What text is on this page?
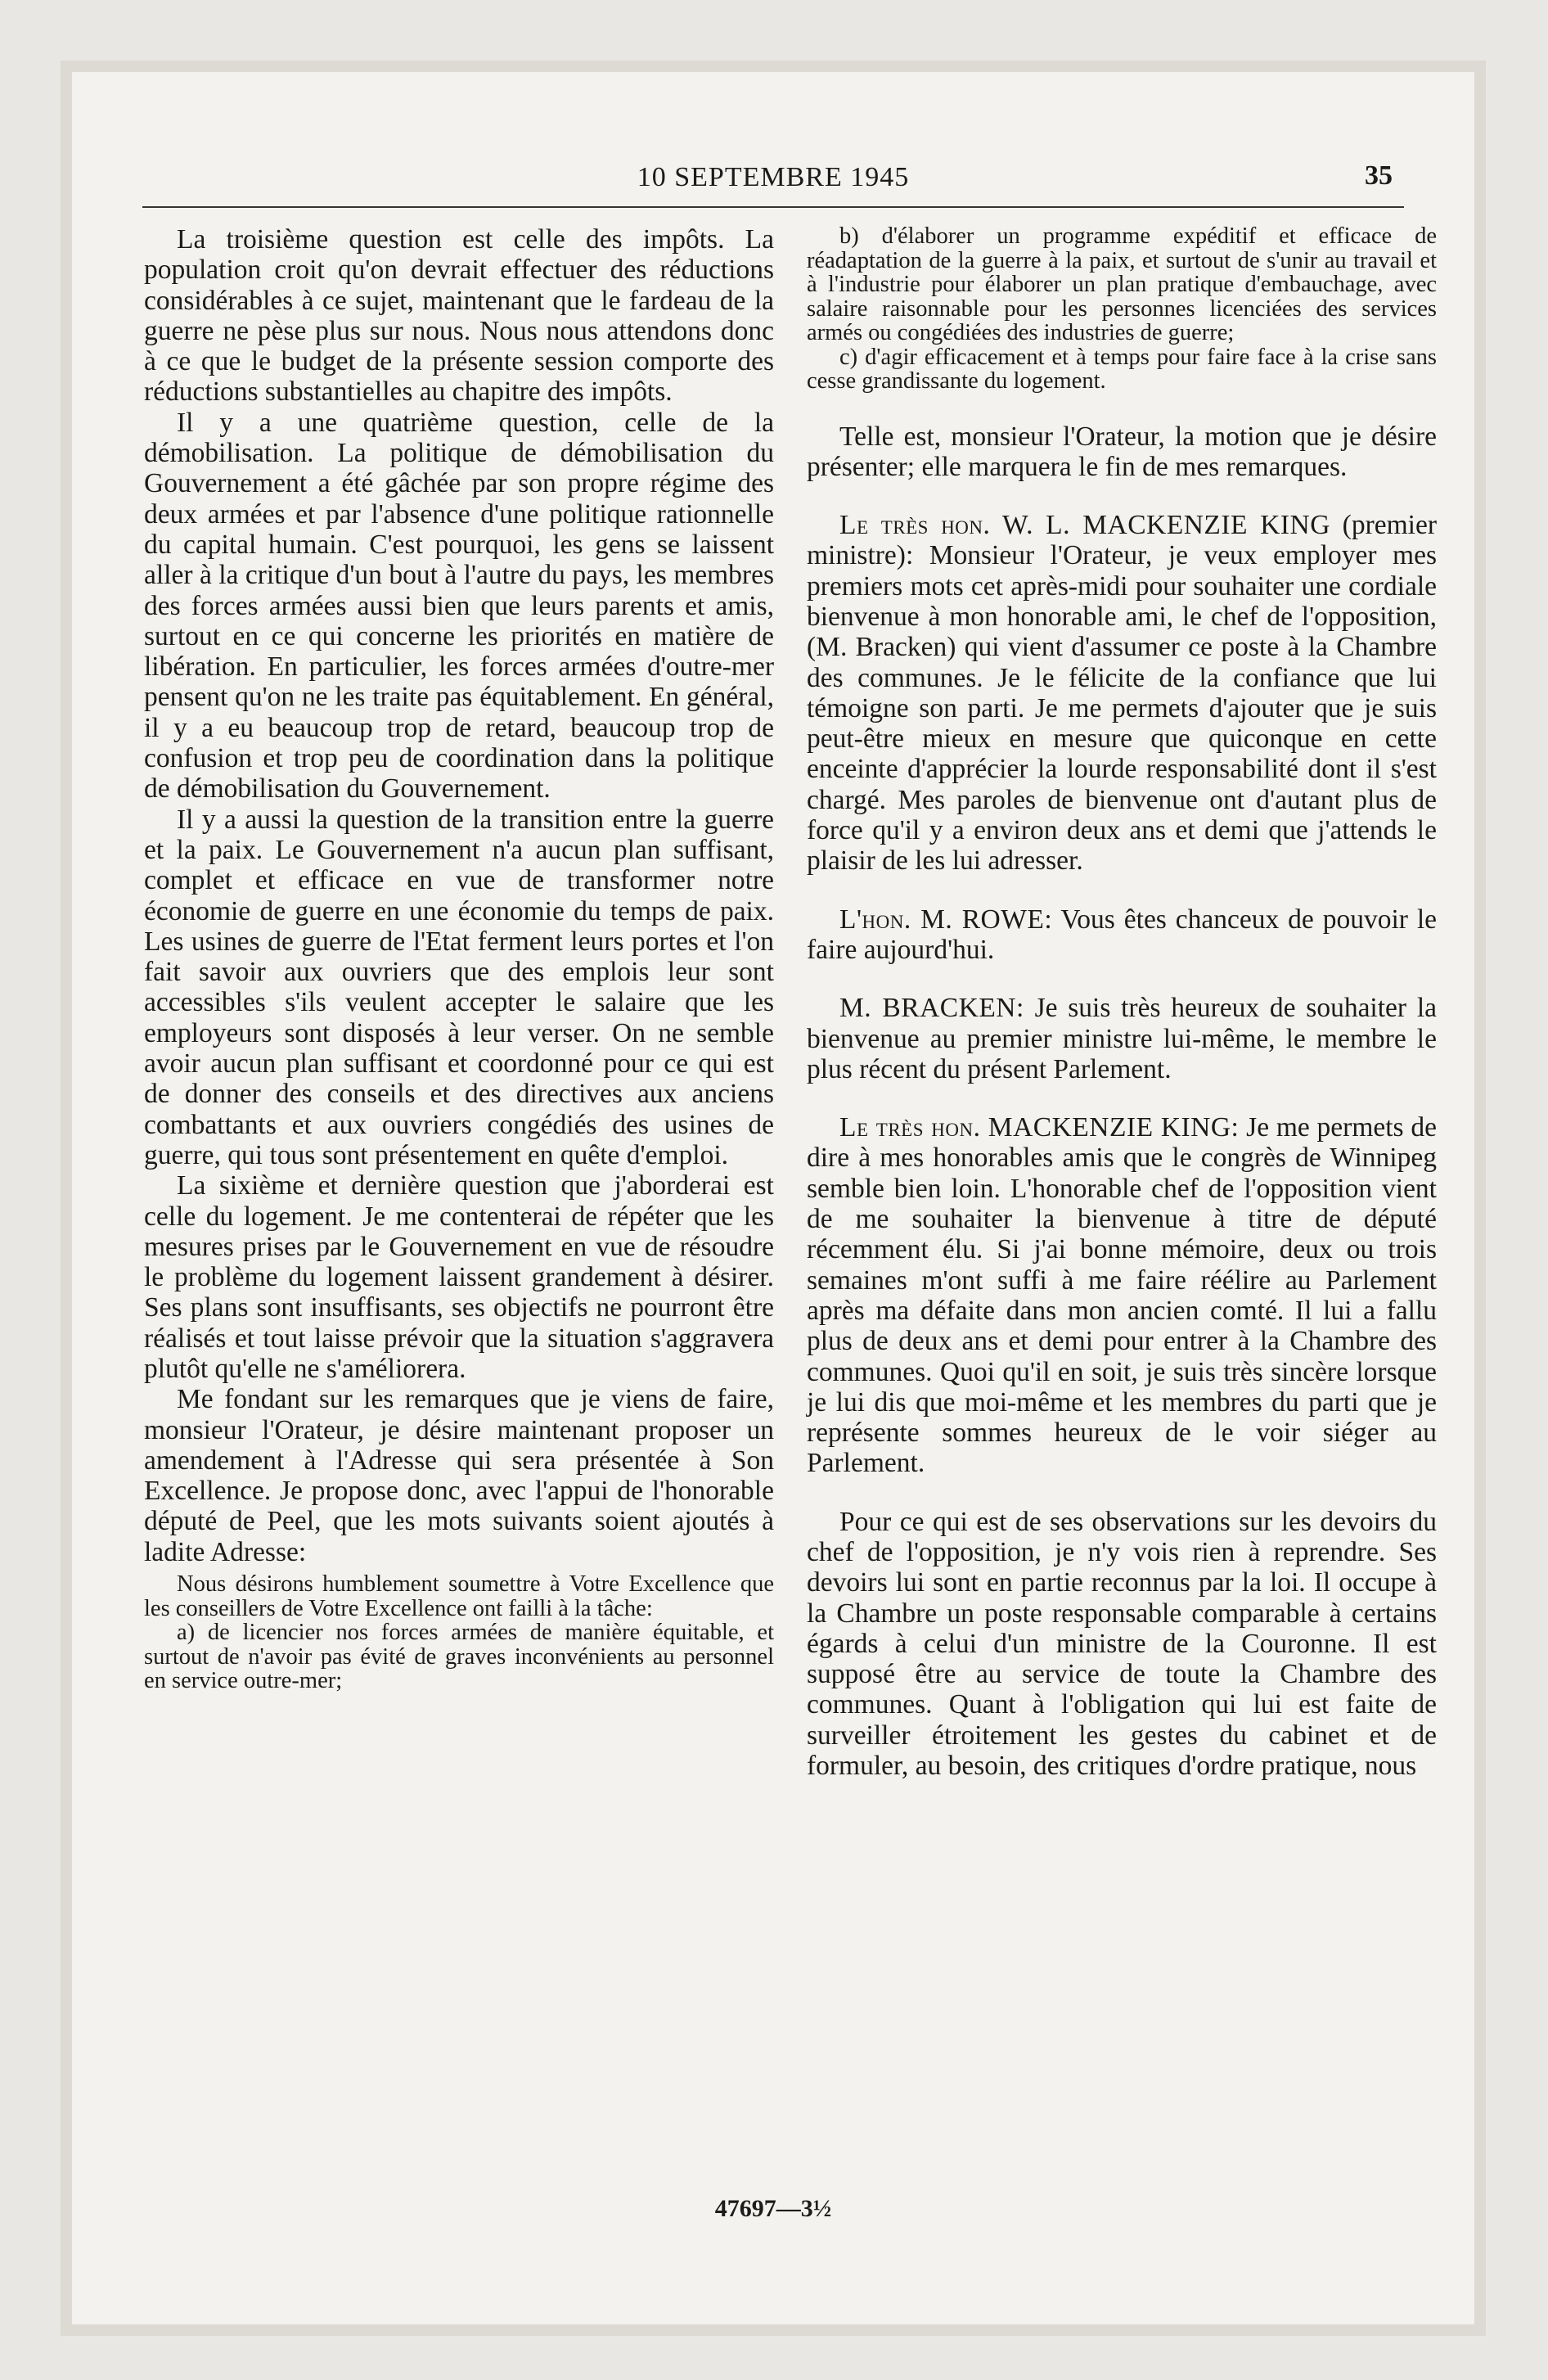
10 SEPTEMBRE 1945	35

La troisième question est celle des impôts. La population croit qu'on devrait effectuer des réductions considérables à ce sujet, maintenant que le fardeau de la guerre ne pèse plus sur nous. Nous nous attendons donc à ce que le budget de la présente session comporte des réductions substantielles au chapitre des impôts.

Il y a une quatrième question, celle de la démobilisation. La politique de démobilisation du Gouvernement a été gâchée par son propre régime des deux armées et par l'absence d'une politique rationnelle du capital humain. C'est pourquoi, les gens se laissent aller à la critique d'un bout à l'autre du pays, les membres des forces armées aussi bien que leurs parents et amis, surtout en ce qui concerne les priorités en matière de libération. En particulier, les forces armées d'outre-mer pensent qu'on ne les traite pas équitablement. En général, il y a eu beaucoup trop de retard, beaucoup trop de confusion et trop peu de coordination dans la politique de démobilisation du Gouvernement.

Il y a aussi la question de la transition entre la guerre et la paix. Le Gouvernement n'a aucun plan suffisant, complet et efficace en vue de transformer notre économie de guerre en une économie du temps de paix. Les usines de guerre de l'Etat ferment leurs portes et l'on fait savoir aux ouvriers que des emplois leur sont accessibles s'ils veulent accepter le salaire que les employeurs sont disposés à leur verser. On ne semble avoir aucun plan suffisant et coordonné pour ce qui est de donner des conseils et des directives aux anciens combattants et aux ouvriers congédiés des usines de guerre, qui tous sont présentement en quête d'emploi.

La sixième et dernière question que j'aborderai est celle du logement. Je me contenterai de répéter que les mesures prises par le Gouvernement en vue de résoudre le problème du logement laissent grandement à désirer. Ses plans sont insuffisants, ses objectifs ne pourront être réalisés et tout laisse prévoir que la situation s'aggravera plutôt qu'elle ne s'améliorera.

Me fondant sur les remarques que je viens de faire, monsieur l'Orateur, je désire maintenant proposer un amendement à l'Adresse qui sera présentée à Son Excellence. Je propose donc, avec l'appui de l'honorable député de Peel, que les mots suivants soient ajoutés à ladite Adresse:

Nous désirons humblement soumettre à Votre Excellence que les conseillers de Votre Excellence ont failli à la tâche:

a) de licencier nos forces armées de manière équitable, et surtout de n'avoir pas évité de graves inconvénients au personnel en service outre-mer;

b) d'élaborer un programme expéditif et efficace de réadaptation de la guerre à la paix, et surtout de s'unir au travail et à l'industrie pour élaborer un plan pratique d'embauchage, avec salaire raisonnable pour les personnes licenciées des services armés ou congédiées des industries de guerre;

c) d'agir efficacement et à temps pour faire face à la crise sans cesse grandissante du logement.

Telle est, monsieur l'Orateur, la motion que je désire présenter; elle marquera le fin de mes remarques.

Le très hon. W. L. MACKENZIE KING (premier ministre): Monsieur l'Orateur, je veux employer mes premiers mots cet après-midi pour souhaiter une cordiale bienvenue à mon honorable ami, le chef de l'opposition, (M. Bracken) qui vient d'assumer ce poste à la Chambre des communes. Je le félicite de la confiance que lui témoigne son parti. Je me permets d'ajouter que je suis peut-être mieux en mesure que quiconque en cette enceinte d'apprécier la lourde responsabilité dont il s'est chargé. Mes paroles de bienvenue ont d'autant plus de force qu'il y a environ deux ans et demi que j'attends le plaisir de les lui adresser.

L'hon. M. ROWE: Vous êtes chanceux de pouvoir le faire aujourd'hui.

M. BRACKEN: Je suis très heureux de souhaiter la bienvenue au premier ministre lui-même, le membre le plus récent du présent Parlement.

Le très hon. MACKENZIE KING: Je me permets de dire à mes honorables amis que le congrès de Winnipeg semble bien loin. L'honorable chef de l'opposition vient de me souhaiter la bienvenue à titre de député récemment élu. Si j'ai bonne mémoire, deux ou trois semaines m'ont suffi à me faire réélire au Parlement après ma défaite dans mon ancien comté. Il lui a fallu plus de deux ans et demi pour entrer à la Chambre des communes. Quoi qu'il en soit, je suis très sincère lorsque je lui dis que moi-même et les membres du parti que je représente sommes heureux de le voir siéger au Parlement.

Pour ce qui est de ses observations sur les devoirs du chef de l'opposition, je n'y vois rien à reprendre. Ses devoirs lui sont en partie reconnus par la loi. Il occupe à la Chambre un poste responsable comparable à certains égards à celui d'un ministre de la Couronne. Il est supposé être au service de toute la Chambre des communes. Quant à l'obligation qui lui est faite de surveiller étroitement les gestes du cabinet et de formuler, au besoin, des critiques d'ordre pratique, nous

47697—3½
